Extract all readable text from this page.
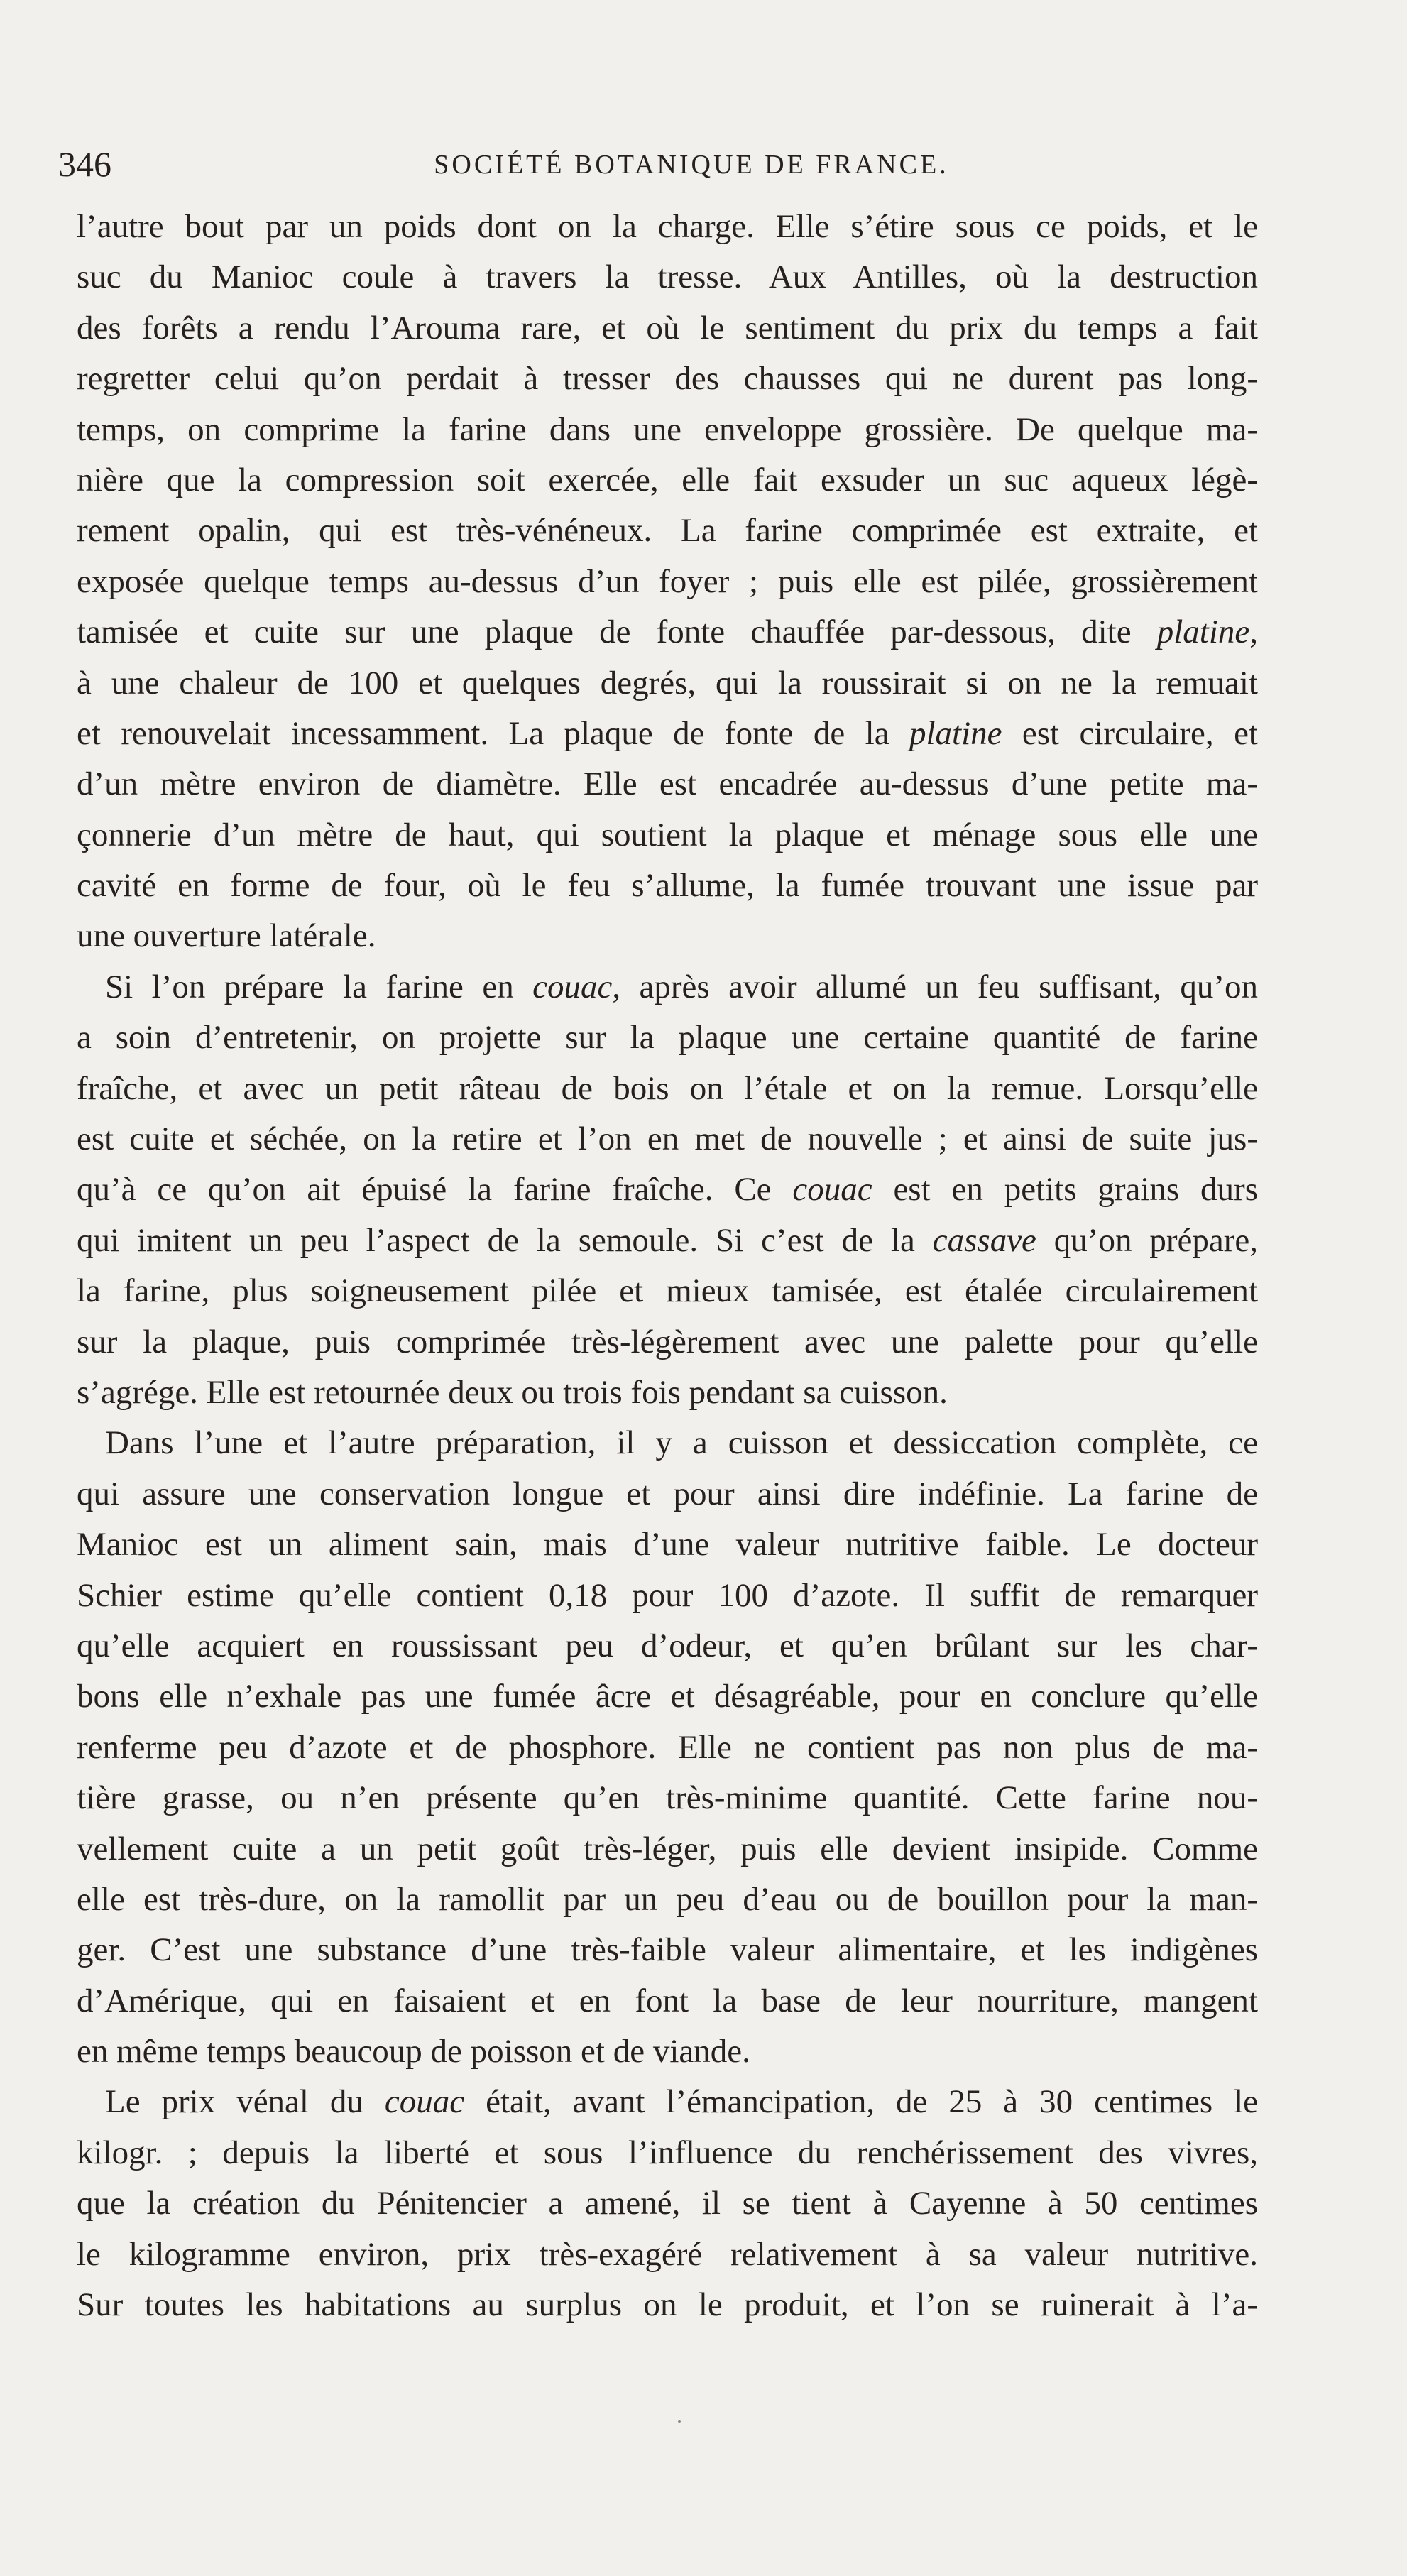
346	SOCIÉTÉ BOTANIQUE DE FRANCE.
l’autre bout par un poids dont on la charge. Elle s’étire sous ce poids, et le
suc du Manioc coule à travers la tresse. Aux Antilles, où la destruction
des forêts a rendu l’Arouma rare, et où le sentiment du prix du temps a fait
regretter celui qu’on perdait à tresser des chausses qui ne durent pas long-
temps, on comprime la farine dans une enveloppe grossière. De quelque ma-
nière que la compression soit exercée, elle fait exsuder un suc aqueux légè-
rement opalin, qui est très-vénéneux. La farine comprimée est extraite, et
exposée quelque temps au-dessus d’un foyer ; puis elle est pilée, grossièrement
tamisée et cuite sur une plaque de fonte chauffée par-dessous, dite platine,
à une chaleur de 100 et quelques degrés, qui la roussirait si on ne la remuait
et renouvelait incessamment. La plaque de fonte de la platine est circulaire, et
d’un mètre environ de diamètre. Elle est encadrée au-dessus d’une petite ma-
çonnerie d’un mètre de haut, qui soutient la plaque et ménage sous elle une
cavité en forme de four, où le feu s’allume, la fumée trouvant une issue par
une ouverture latérale.
Si l’on prépare la farine en couac, après avoir allumé un feu suffisant, qu’on
a soin d’entretenir, on projette sur la plaque une certaine quantité de farine
fraîche, et avec un petit râteau de bois on l’étale et on la remue. Lorsqu’elle
est cuite et séchée, on la retire et l’on en met de nouvelle ; et ainsi de suite jus-
qu’à ce qu’on ait épuisé la farine fraîche. Ce couac est en petits grains durs
qui imitent un peu l’aspect de la semoule. Si c’est de la cassave qu’on prépare,
la farine, plus soigneusement pilée et mieux tamisée, est étalée circulairement
sur la plaque, puis comprimée très-légèrement avec une palette pour qu’elle
s’agrége. Elle est retournée deux ou trois fois pendant sa cuisson.
Dans l’une et l’autre préparation, il y a cuisson et dessiccation complète, ce
qui assure une conservation longue et pour ainsi dire indéfinie. La farine de
Manioc est un aliment sain, mais d’une valeur nutritive faible. Le docteur
Schier estime qu’elle contient 0,18 pour 100 d’azote. Il suffit de remarquer
qu’elle acquiert en roussissant peu d’odeur, et qu’en brûlant sur les char-
bons elle n’exhale pas une fumée âcre et désagréable, pour en conclure qu’elle
renferme peu d’azote et de phosphore. Elle ne contient pas non plus de ma-
tière grasse, ou n’en présente qu’en très-minime quantité. Cette farine nou-
vellement cuite a un petit goût très-léger, puis elle devient insipide. Comme
elle est très-dure, on la ramollit par un peu d’eau ou de bouillon pour la man-
ger. C’est une substance d’une très-faible valeur alimentaire, et les indigènes
d’Amérique, qui en faisaient et en font la base de leur nourriture, mangent
en même temps beaucoup de poisson et de viande.
Le prix vénal du couac était, avant l’émancipation, de 25 à 30 centimes le
kilogr. ; depuis la liberté et sous l’influence du renchérissement des vivres,
que la création du Pénitencier a amené, il se tient à Cayenne à 50 centimes
le kilogramme environ, prix très-exagéré relativement à sa valeur nutritive.
Sur toutes les habitations au surplus on le produit, et l’on se ruinerait à l’a-
